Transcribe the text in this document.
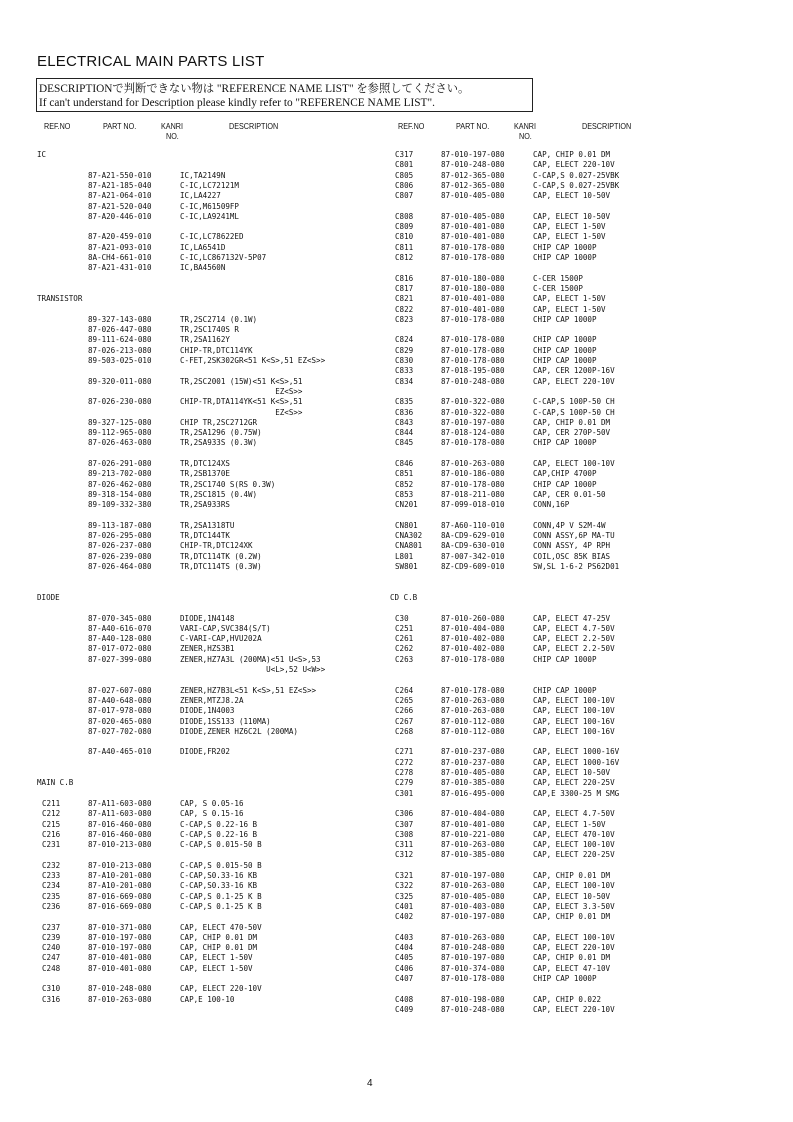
ELECTRICAL MAIN PARTS LIST
DESCRIPTIONで判断できない物は "REFERENCE NAME LIST" を参照してください。
If can't understand for Description please kindly refer to "REFERENCE NAME LIST".
REF.NO	PART NO.	KANRI
NO.
DESCRIPTION	REF.NO	PART NO.	KANRI
NO.
DESCRIPTION
IC
87-A21-550-010	IC,TA2149N
87-A21-185-040	C-IC,LC72121M
87-A21-064-010	IC,LA4227
87-A21-520-040	C-IC,M61509FP
87-A20-446-010	C-IC,LA9241ML
87-A20-459-010	C-IC,LC78622ED
87-A21-093-010	IC,LA6541D
8A-CH4-661-010	C-IC,LC867132V-5P07
87-A21-431-010	IC,BA4560N
TRANSISTOR
89-327-143-080	TR,2SC2714 (0.1W)
87-026-447-080	TR,2SC1740S R
89-111-624-080	TR,2SA1162Y
87-026-213-080	CHIP-TR,DTC114YK
89-503-025-010	C-FET,2SK302GR<51 K<S>,51 EZ<S>>
89-320-011-080	TR,2SC2001 (15W)<51 K<S>,51
EZ<S>>
87-026-230-080	CHIP-TR,DTA114YK<51 K<S>,51
EZ<S>>
89-327-125-080	CHIP TR,2SC2712GR
89-112-965-080	TR,2SA1296 (0.75W)
87-026-463-080	TR,2SA933S (0.3W)
87-026-291-080	TR,DTC124XS
89-213-702-080	TR,2SB1370E
87-026-462-080	TR,2SC1740 S(RS 0.3W)
89-318-154-080	TR,2SC1815 (0.4W)
89-109-332-380	TR,2SA933RS
89-113-187-080	TR,2SA1318TU
87-026-295-080	TR,DTC144TK
87-026-237-080	CHIP-TR,DTC124XK
87-026-239-080	TR,DTC114TK (0.2W)
87-026-464-080	TR,DTC114TS (0.3W)
DIODE
87-070-345-080	DIODE,1N4148
87-A40-616-070	VARI-CAP,SVC384(S/T)
87-A40-128-080	C-VARI-CAP,HVU202A
87-017-072-080	ZENER,HZS3B1
87-027-399-080	ZENER,HZ7A3L (200MA)<51 U<S>,53
U<L>,52 U<W>>
87-027-607-080	ZENER,HZ7B3L<51 K<S>,51 EZ<S>>
87-A40-648-080	ZENER,MTZJ8.2A
87-017-978-080	DIODE,1N4003
87-020-465-080	DIODE,1SS133 (110MA)
87-027-702-080	DIODE,ZENER HZ6C2L (200MA)
87-A40-465-010	DIODE,FR202
MAIN C.B
C211	87-A11-603-080	CAP, S 0.05-16
C212	87-A11-603-080	CAP, S 0.15-16
C215	87-016-460-080	C-CAP,S 0.22-16 B
C216	87-016-460-080	C-CAP,S 0.22-16 B
C231	87-010-213-080	C-CAP,S 0.015-50 B
C232	87-010-213-080	C-CAP,S 0.015-50 B
C233	87-A10-201-080	C-CAP,S0.33-16 KB
C234	87-A10-201-080	C-CAP,S0.33-16 KB
C235	87-016-669-080	C-CAP,S 0.1-25 K B
C236	87-016-669-080	C-CAP,S 0.1-25 K B
C237	87-010-371-080	CAP, ELECT 470-50V
C239	87-010-197-080	CAP, CHIP 0.01 DM
C240	87-010-197-080	CAP, CHIP 0.01 DM
C247	87-010-401-080	CAP, ELECT 1-50V
C248	87-010-401-080	CAP, ELECT 1-50V
C310	87-010-248-080	CAP, ELECT 220-10V
C316	87-010-263-080	CAP,E 100-10
C317	87-010-197-080	CAP, CHIP 0.01 DM
C801	87-010-248-080	CAP, ELECT 220-10V
C805	87-012-365-080	C-CAP,S 0.027-25VBK
C806	87-012-365-080	C-CAP,S 0.027-25VBK
C807	87-010-405-080	CAP, ELECT 10-50V
C808	87-010-405-080	CAP, ELECT 10-50V
C809	87-010-401-080	CAP, ELECT 1-50V
C810	87-010-401-080	CAP, ELECT 1-50V
C811	87-010-178-080	CHIP CAP 1000P
C812	87-010-178-080	CHIP CAP 1000P
C816	87-010-180-080	C-CER 1500P
C817	87-010-180-080	C-CER 1500P
C821	87-010-401-080	CAP, ELECT 1-50V
C822	87-010-401-080	CAP, ELECT 1-50V
C823	87-010-178-080	CHIP CAP 1000P
C824	87-010-178-080	CHIP CAP 1000P
C829	87-010-178-080	CHIP CAP 1000P
C830	87-010-178-080	CHIP CAP 1000P
C833	87-018-195-080	CAP, CER 1200P-16V
C834	87-010-248-080	CAP, ELECT 220-10V
C835	87-010-322-080	C-CAP,S 100P-50 CH
C836	87-010-322-080	C-CAP,S 100P-50 CH
C843	87-010-197-080	CAP, CHIP 0.01 DM
C844	87-018-124-080	CAP, CER 270P-50V
C845	87-010-178-080	CHIP CAP 1000P
C846	87-010-263-080	CAP, ELECT 100-10V
C851	87-010-186-080	CAP,CHIP 4700P
C852	87-010-178-080	CHIP CAP 1000P
C853	87-018-211-080	CAP, CER 0.01-50
CN201	87-099-018-010	CONN,16P
CN801	87-A60-110-010	CONN,4P V S2M-4W
CNA302 8A-CD9-629-010	CONN ASSY,6P MA-TU
CNA801 8A-CD9-630-010	CONN ASSY, 4P RPH
L801	87-007-342-010	COIL,OSC 85K BIAS
SW801	8Z-CD9-609-010	SW,SL 1-6-2 PS62D01
CD C.B
C30	87-010-260-080	CAP, ELECT 47-25V
C251	87-010-404-080	CAP, ELECT 4.7-50V
C261	87-010-402-080	CAP, ELECT 2.2-50V
C262	87-010-402-080	CAP, ELECT 2.2-50V
C263	87-010-178-080	CHIP CAP 1000P
C264	87-010-178-080	CHIP CAP 1000P
C265	87-010-263-080	CAP, ELECT 100-10V
C266	87-010-263-080	CAP, ELECT 100-10V
C267	87-010-112-080	CAP, ELECT 100-16V
C268	87-010-112-080	CAP, ELECT 100-16V
C271	87-010-237-080	CAP, ELECT 1000-16V
C272	87-010-237-080	CAP, ELECT 1000-16V
C278	87-010-405-080	CAP, ELECT 10-50V
C279	87-010-385-080	CAP, ELECT 220-25V
C301	87-016-495-000	CAP,E 3300-25 M SMG
C306	87-010-404-080	CAP, ELECT 4.7-50V
C307	87-010-401-080	CAP, ELECT 1-50V
C308	87-010-221-080	CAP, ELECT 470-10V
C311	87-010-263-080	CAP, ELECT 100-10V
C312	87-010-385-080	CAP, ELECT 220-25V
C321	87-010-197-080	CAP, CHIP 0.01 DM
C322	87-010-263-080	CAP, ELECT 100-10V
C325	87-010-405-080	CAP, ELECT 10-50V
C401	87-010-403-080	CAP, ELECT 3.3-50V
C402	87-010-197-080	CAP, CHIP 0.01 DM
C403	87-010-263-080	CAP, ELECT 100-10V
C404	87-010-248-080	CAP, ELECT 220-10V
C405	87-010-197-080	CAP, CHIP 0.01 DM
C406	87-010-374-080	CAP, ELECT 47-10V
C407	87-010-178-080	CHIP CAP 1000P
C408	87-010-198-080	CAP, CHIP 0.022
C409	87-010-248-080	CAP, ELECT 220-10V
4
